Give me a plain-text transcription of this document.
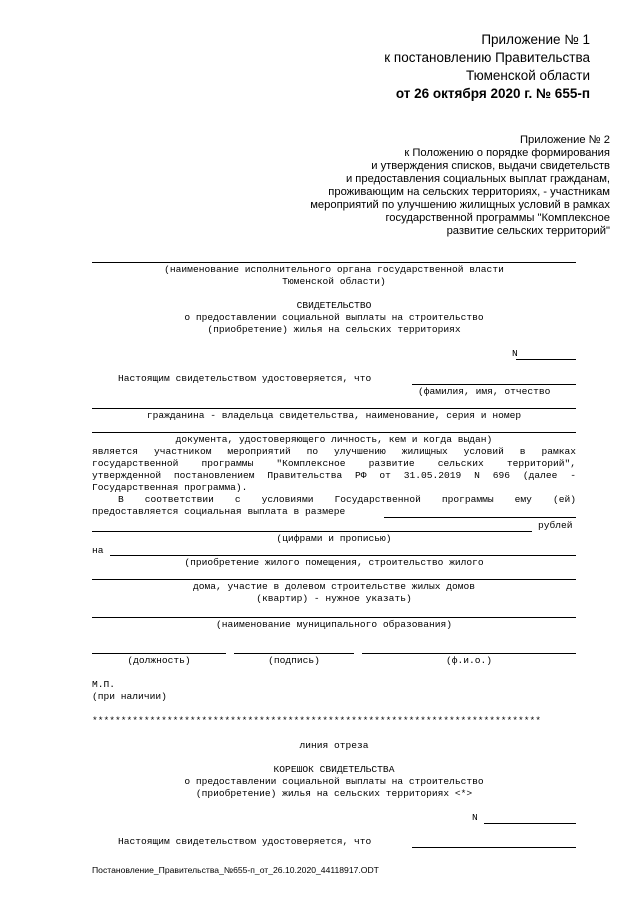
Приложение № 1
к постановлению Правительства
Тюменской области
от 26 октября 2020 г. № 655-п
Приложение № 2
к Положению о порядке формирования
и утверждения списков, выдачи свидетельств
и предоставления социальных выплат гражданам,
проживающим на сельских территориях, - участникам
мероприятий по улучшению жилищных условий в рамках
государственной программы "Комплексное
развитие сельских территорий"
(наименование исполнительного органа государственной власти
Тюменской области)
СВИДЕТЕЛЬСТВО
о предоставлении социальной выплаты на строительство
(приобретение) жилья на сельских территориях
N
Настоящим свидетельством удостоверяется, что
(фамилия, имя, отчество
гражданина - владельца свидетельства, наименование, серия и номер
документа, удостоверяющего личность, кем и когда выдан)
является участником мероприятий по улучшению жилищных условий в рамках
государственной программы "Комплексное развитие сельских территорий",
утвержденной постановлением Правительства РФ от 31.05.2019 N 696 (далее -
Государственная программа).
В соответствии с условиями Государственной программы ему (ей)
предоставляется социальная выплата в размере
рублей
(цифрами и прописью)
на
(приобретение жилого помещения, строительство жилого
дома, участие в долевом строительстве жилых домов
(квартир) - нужное указать)
(наименование муниципального образования)
(должность)	(подпись)	(ф.и.о.)
М.П.
(при наличии)
******************************************************************************
линия отреза
КОРЕШОК СВИДЕТЕЛЬСТВА
о предоставлении социальной выплаты на строительство
(приобретение) жилья на сельских территориях <*>
N
Настоящим свидетельством удостоверяется, что
Постановление_Правительства_№655-п_от_26.10.2020_44118917.ODT
